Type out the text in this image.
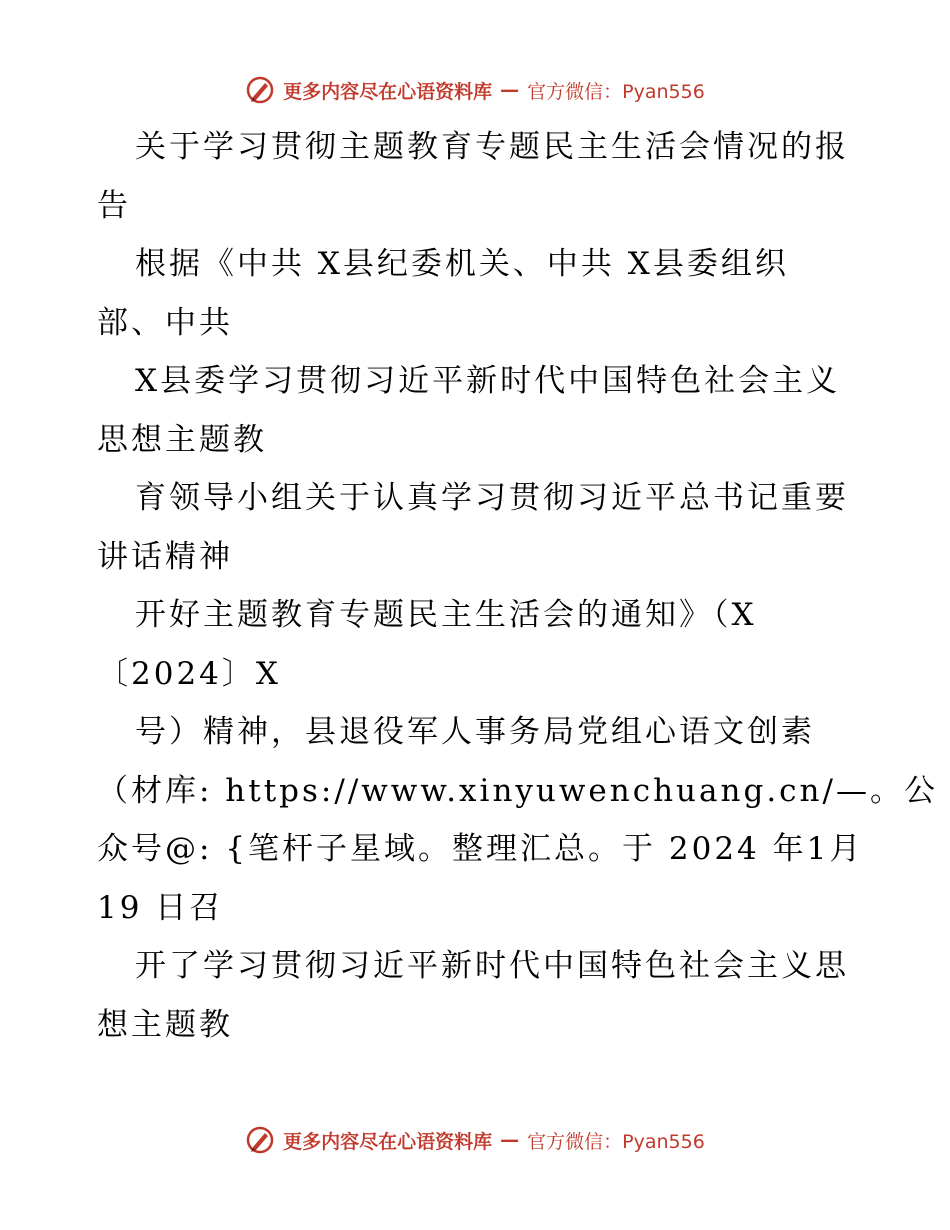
更多内容尽在心语资料库 — 官方微信：Pyan556
关于学习贯彻主题教育专题民主生活会情况的报
告
根据《中共 X县纪委机关、中共 X县委组织
部、中共
X县委学习贯彻习近平新时代中国特色社会主义
思想主题教
育领导小组关于认真学习贯彻习近平总书记重要
讲话精神
开好主题教育专题民主生活会的通知》（X
〔2024〕X
号）精神，县退役军人事务局党组心语文创素
（材库: https://www.xinyuwenchuang.cn/—。公
众号@: {笔杆子星域。整理汇总。于 2024 年1月
19 日召
开了学习贯彻习近平新时代中国特色社会主义思
想主题教
更多内容尽在心语资料库 — 官方微信：Pyan556
